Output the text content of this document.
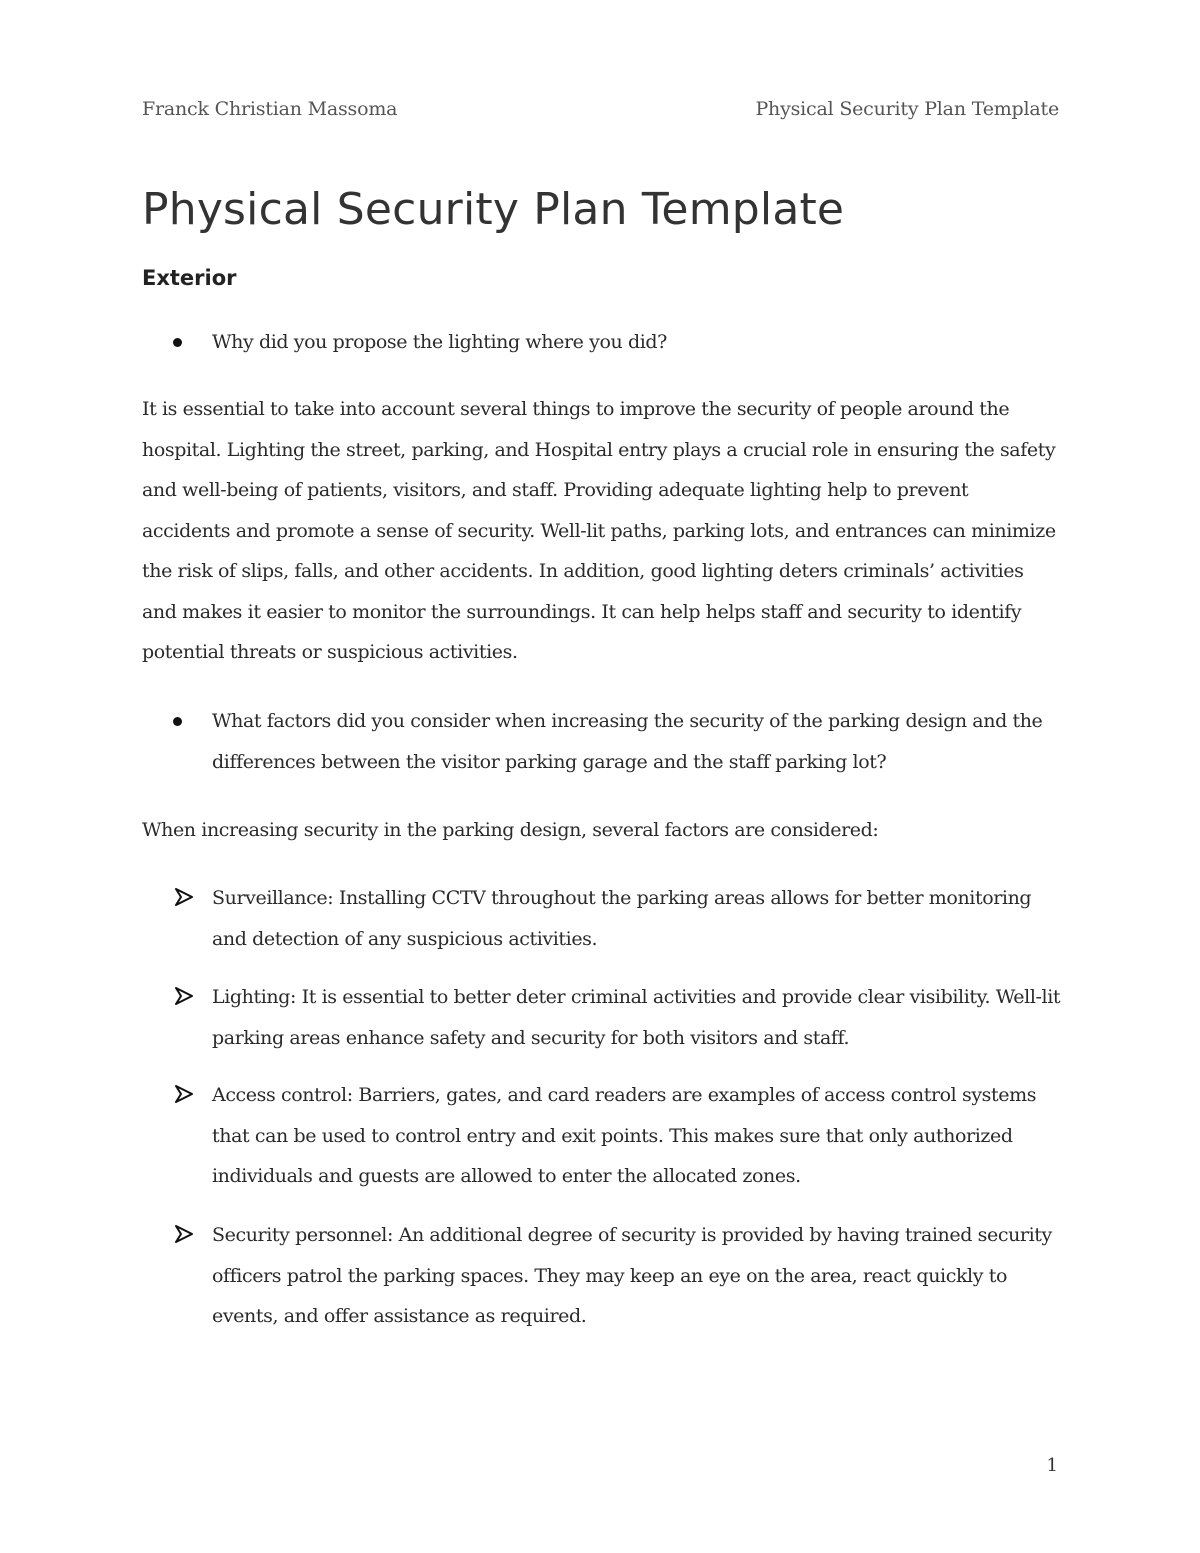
Franck Christian Massoma	Physical Security Plan Template
Physical Security Plan Template
Exterior
Why did you propose the lighting where you did?

It is essential to take into account several things to improve the security of people around the hospital. Lighting the street, parking, and Hospital entry plays a crucial role in ensuring the safety and well-being of patients, visitors, and staff. Providing adequate lighting help to prevent accidents and promote a sense of security. Well-lit paths, parking lots, and entrances can minimize the risk of slips, falls, and other accidents. In addition, good lighting deters criminals’ activities and makes it easier to monitor the surroundings. It can help helps staff and security to identify potential threats or suspicious activities.

What factors did you consider when increasing the security of the parking design and the differences between the visitor parking garage and the staff parking lot?

When increasing security in the parking design, several factors are considered:

Surveillance: Installing CCTV throughout the parking areas allows for better monitoring and detection of any suspicious activities.
Lighting: It is essential to better deter criminal activities and provide clear visibility. Well-lit parking areas enhance safety and security for both visitors and staff.
Access control: Barriers, gates, and card readers are examples of access control systems that can be used to control entry and exit points. This makes sure that only authorized individuals and guests are allowed to enter the allocated zones.
Security personnel: An additional degree of security is provided by having trained security officers patrol the parking spaces. They may keep an eye on the area, react quickly to events, and offer assistance as required.
1
